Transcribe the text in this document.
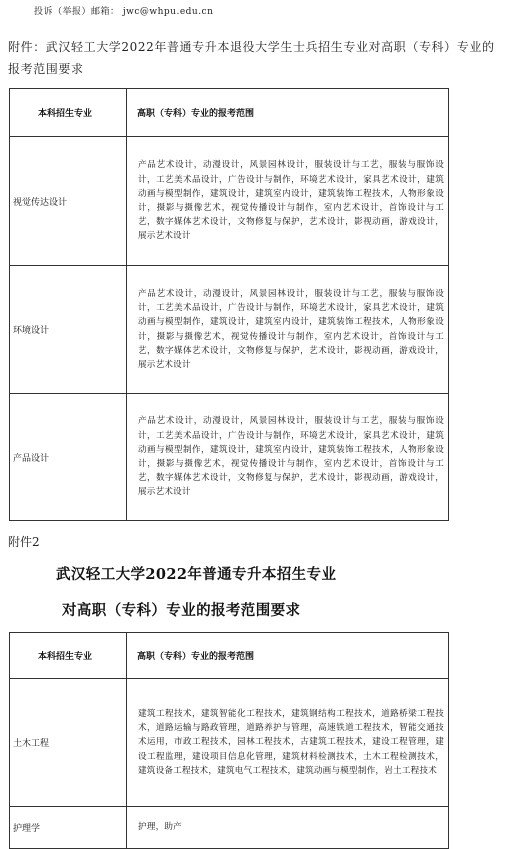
投诉（举报）邮箱： jwc@whpu.edu.cn
附件：武汉轻工大学2022年普通专升本退役大学生士兵招生专业对高职（专科）专业的报考范围要求
本科招生专业	高职（专科）专业的报考范围
视觉传达设计	产品艺术设计，动漫设计，风景园林设计，服装设计与工艺，服装与服饰设计，工艺美术品设计，广告设计与制作，环境艺术设计，家具艺术设计，建筑动画与模型制作，建筑设计，建筑室内设计，建筑装饰工程技术，人物形象设计，摄影与摄像艺术，视觉传播设计与制作，室内艺术设计，首饰设计与工艺，数字媒体艺术设计，文物修复与保护，艺术设计，影视动画，游戏设计，展示艺术设计
环境设计	产品艺术设计，动漫设计，风景园林设计，服装设计与工艺，服装与服饰设计，工艺美术品设计，广告设计与制作，环境艺术设计，家具艺术设计，建筑动画与模型制作，建筑设计，建筑室内设计，建筑装饰工程技术，人物形象设计，摄影与摄像艺术，视觉传播设计与制作，室内艺术设计，首饰设计与工艺，数字媒体艺术设计，文物修复与保护，艺术设计，影视动画，游戏设计，展示艺术设计
产品设计	产品艺术设计，动漫设计，风景园林设计，服装设计与工艺，服装与服饰设计，工艺美术品设计，广告设计与制作，环境艺术设计，家具艺术设计，建筑动画与模型制作，建筑设计，建筑室内设计，建筑装饰工程技术，人物形象设计，摄影与摄像艺术，视觉传播设计与制作，室内艺术设计，首饰设计与工艺，数字媒体艺术设计，文物修复与保护，艺术设计，影视动画，游戏设计，展示艺术设计
附件2
武汉轻工大学2022年普通专升本招生专业
对高职（专科）专业的报考范围要求
本科招生专业	高职（专科）专业的报考范围
土木工程	建筑工程技术，建筑智能化工程技术，建筑钢结构工程技术，道路桥梁工程技术，道路运输与路政管理，道路养护与管理，高速铁道工程技术，智能交通技术运用，市政工程技术，园林工程技术，古建筑工程技术，建设工程管理，建设工程监理，建设项目信息化管理，建筑材料检测技术，土木工程检测技术，建筑设备工程技术，建筑电气工程技术，建筑动画与模型制作，岩土工程技术
护理学	护理，助产
